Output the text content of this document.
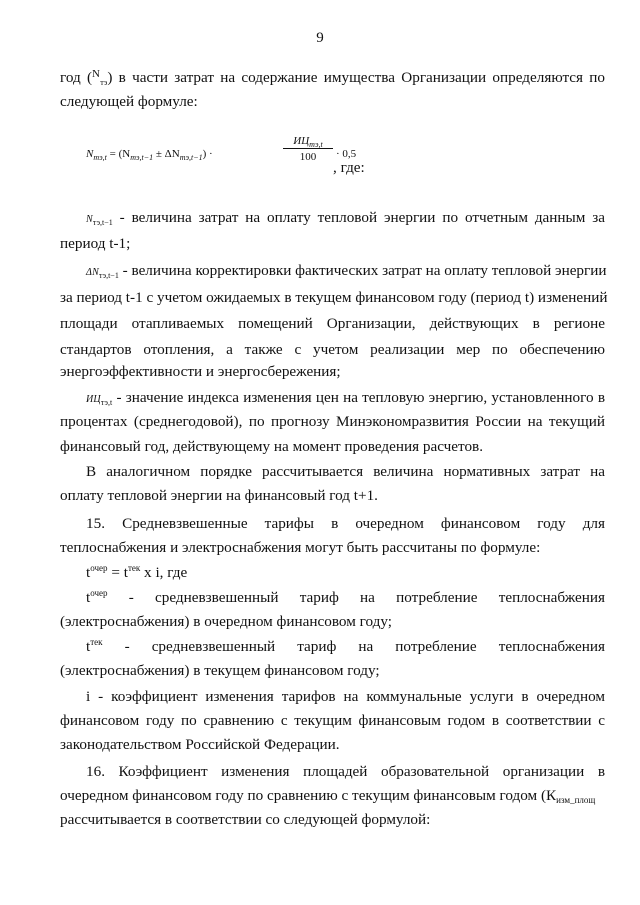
9
год ($^N$тэ) в части затрат на содержание имущества Организации определяются по
следующей формуле:
$N_{тэ,t} = (N_{тэ,t-1} \pm \Delta N_{тэ,t-1})$ ·
$ИЦ_{тэ,t}$
100	· 0,5
, где:
Nтэ,t−1 - величина затрат на оплату тепловой энергии по отчетным данным за
период t-1;
ΔNтэ,t−1 - величина корректировки фактических затрат на оплату тепловой энергии
за период t-1 с учетом ожидаемых в текущем финансовом году (период t) изменений
площади отапливаемых помещений Организации, действующих в регионе
стандартов отопления, а также с учетом реализации мер по обеспечению
энергоэффективности и энергосбережения;
ИЦтэ,t - значение индекса изменения цен на тепловую энергию, установленного в
процентах (среднегодовой), по прогнозу Минэкономразвития России на текущий
финансовый год, действующему на момент проведения расчетов.
В аналогичном порядке рассчитывается величина нормативных затрат на
оплату тепловой энергии на финансовый год t+1.
15. Средневзвешенные тарифы в очередном финансовом году для
теплоснабжения и электроснабжения могут быть рассчитаны по формуле:
$t^{очер} = t^{тек}$ x i, где
$t^{очер}$ - средневзвешенный тариф на потребление теплоснабжения
(электроснабжения) в очередном финансовом году;
$t^{тек}$ - средневзвешенный тариф на потребление теплоснабжения
(электроснабжения) в текущем финансовом году;
i - коэффициент изменения тарифов на коммунальные услуги в очередном
финансовом году по сравнению с текущим финансовым годом в соответствии с
законодательством Российской Федерации.
16. Коэффициент изменения площадей образовательной организации в
очередном финансовом году по сравнению с текущим финансовым годом (Кизм_площ
рассчитывается в соответствии со следующей формулой:
